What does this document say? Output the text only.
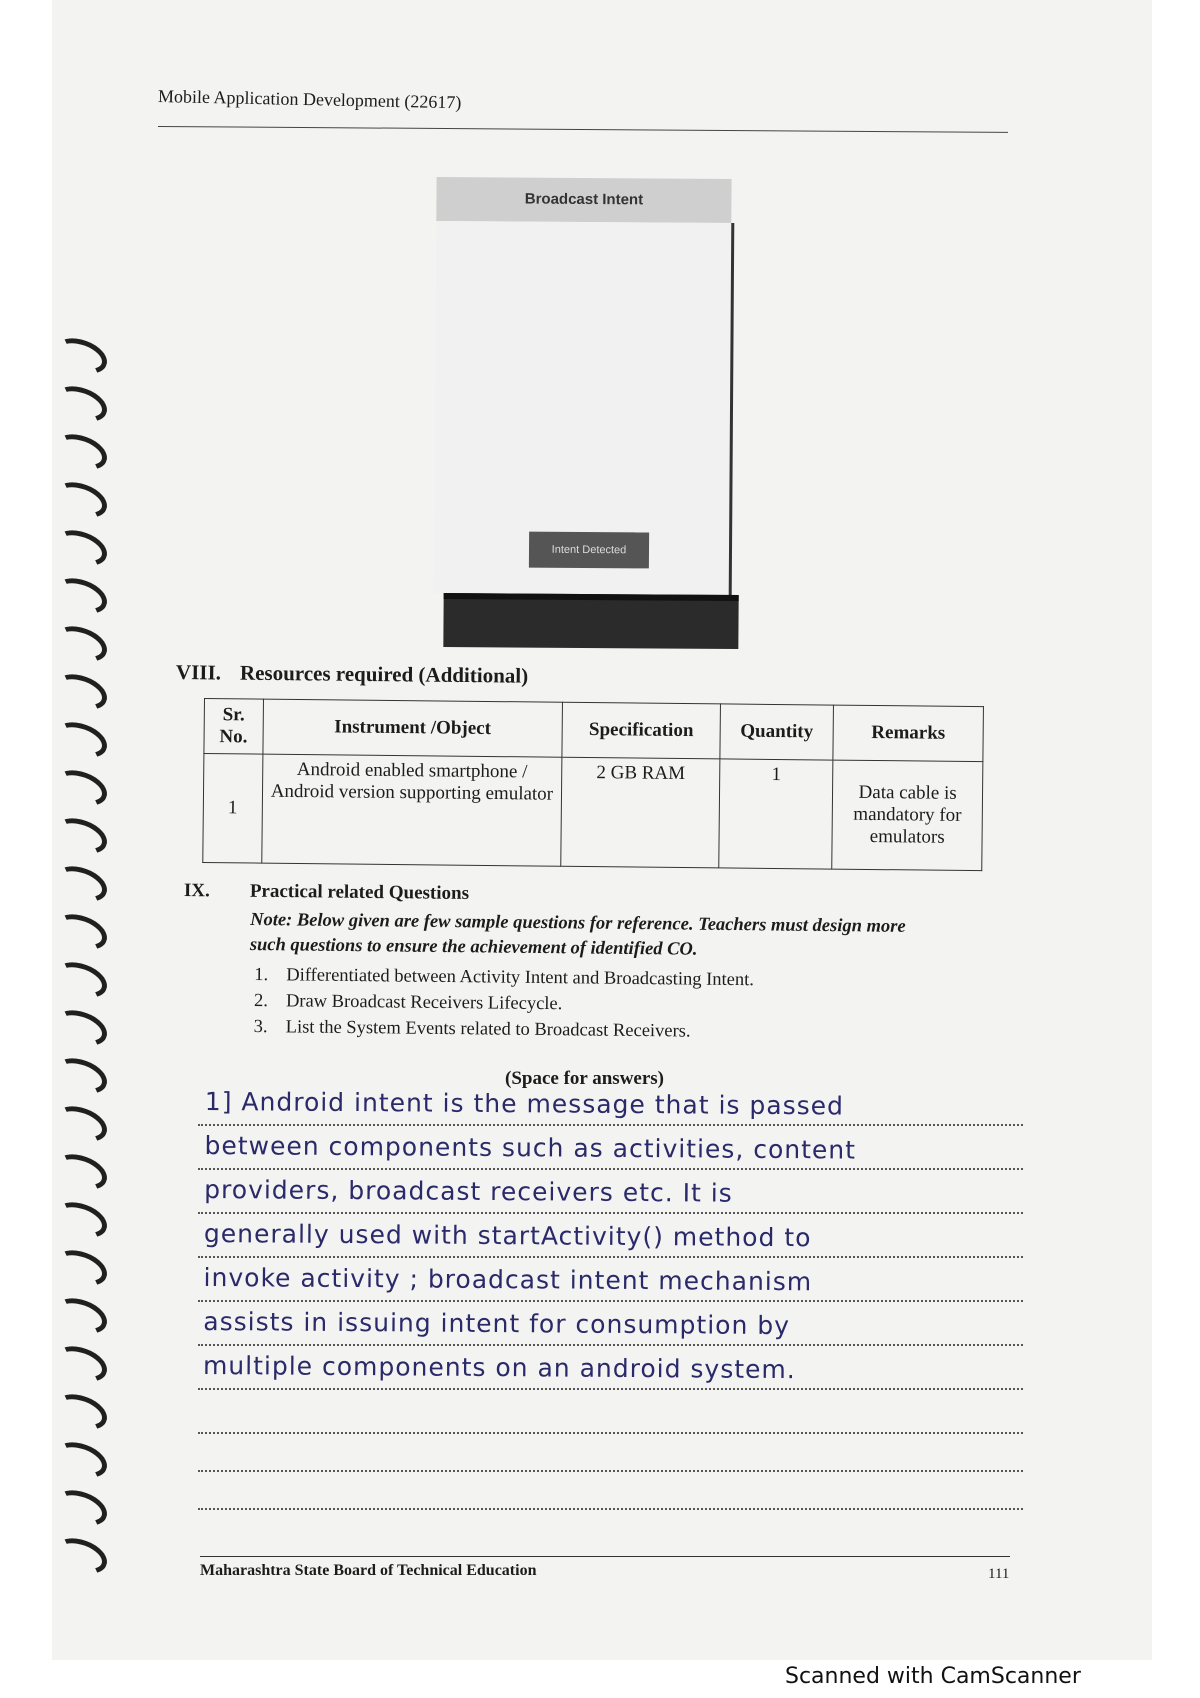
Mobile Application Development (22617)
Broadcast Intent
Intent Detected
VIII. Resources required (Additional)
Sr. No.	Instrument /Object	Specification	Quantity	Remarks
1	Android enabled smartphone / Android version supporting emulator	2 GB RAM	1	Data cable is mandatory for emulators
IX. Practical related Questions
Note: Below given are few sample questions for reference. Teachers must design more such questions to ensure the achievement of identified CO.
1. Differentiated between Activity Intent and Broadcasting Intent.
2. Draw Broadcast Receivers Lifecycle.
3. List the System Events related to Broadcast Receivers.
(Space for answers)
1] Android intent is the message that is passed
between components such as activities, content
providers, broadcast receivers etc. It is
generally used with startActivity() method to
invoke activity ; broadcast intent mechanism
assists in issuing intent for consumption by
multiple components on an android system.
Maharashtra State Board of Technical Education	111
Scanned with CamScanner
